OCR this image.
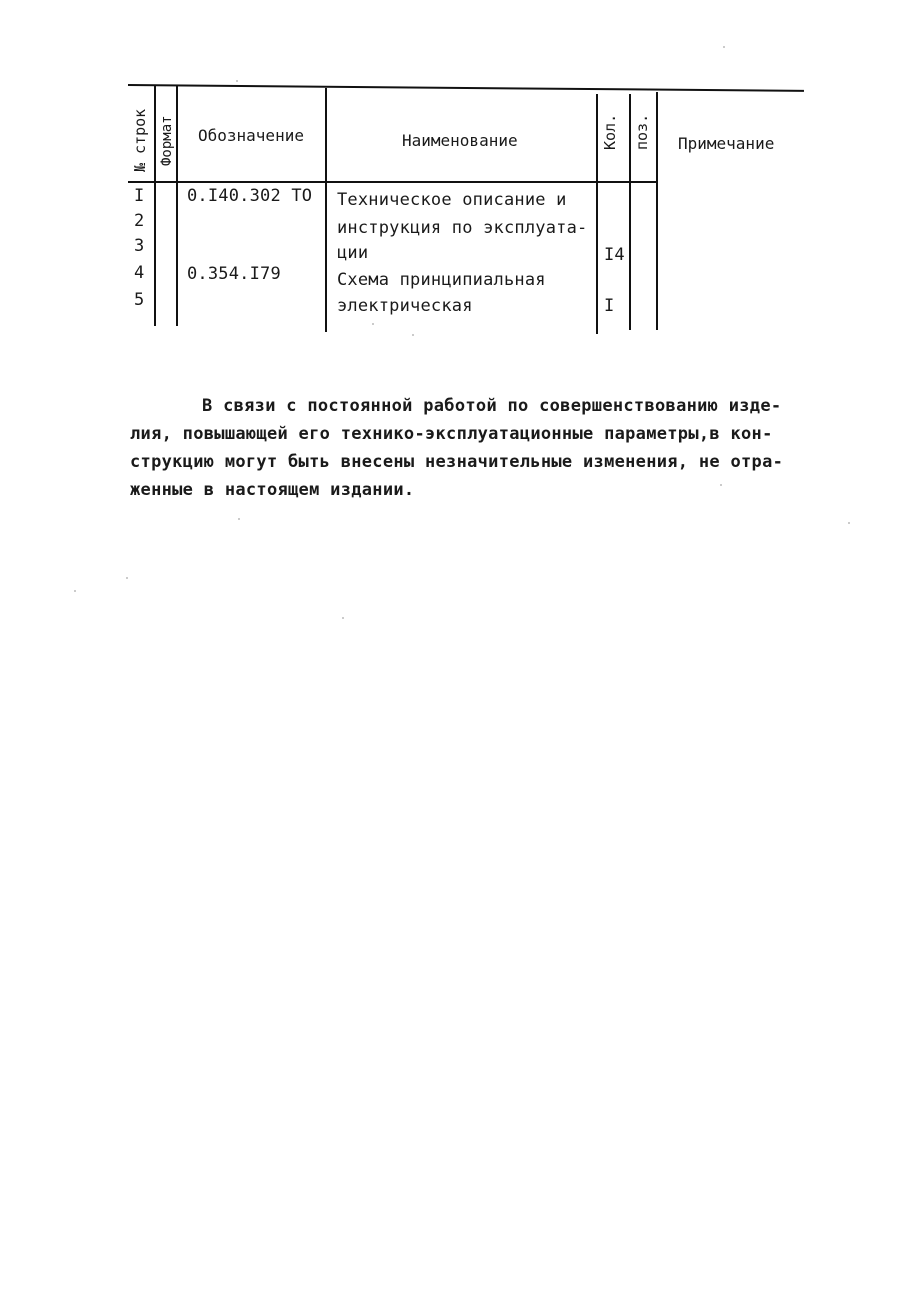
№ строк Формат Обозначение	Наименование	Кол. поз. Примечание
I
2
3
4
5
0.I40.302 ТО
0.354.I79
Техническое описание и
инструкция по эксплуата-
ции
Схема принципиальная
электрическая
I4
I
В связи с постоянной работой по совершенствованию изде-
лия, повышающей его технико-эксплуатационные параметры,в кон-
струкцию могут быть внесены незначительные изменения, не отра-
женные в настоящем издании.
